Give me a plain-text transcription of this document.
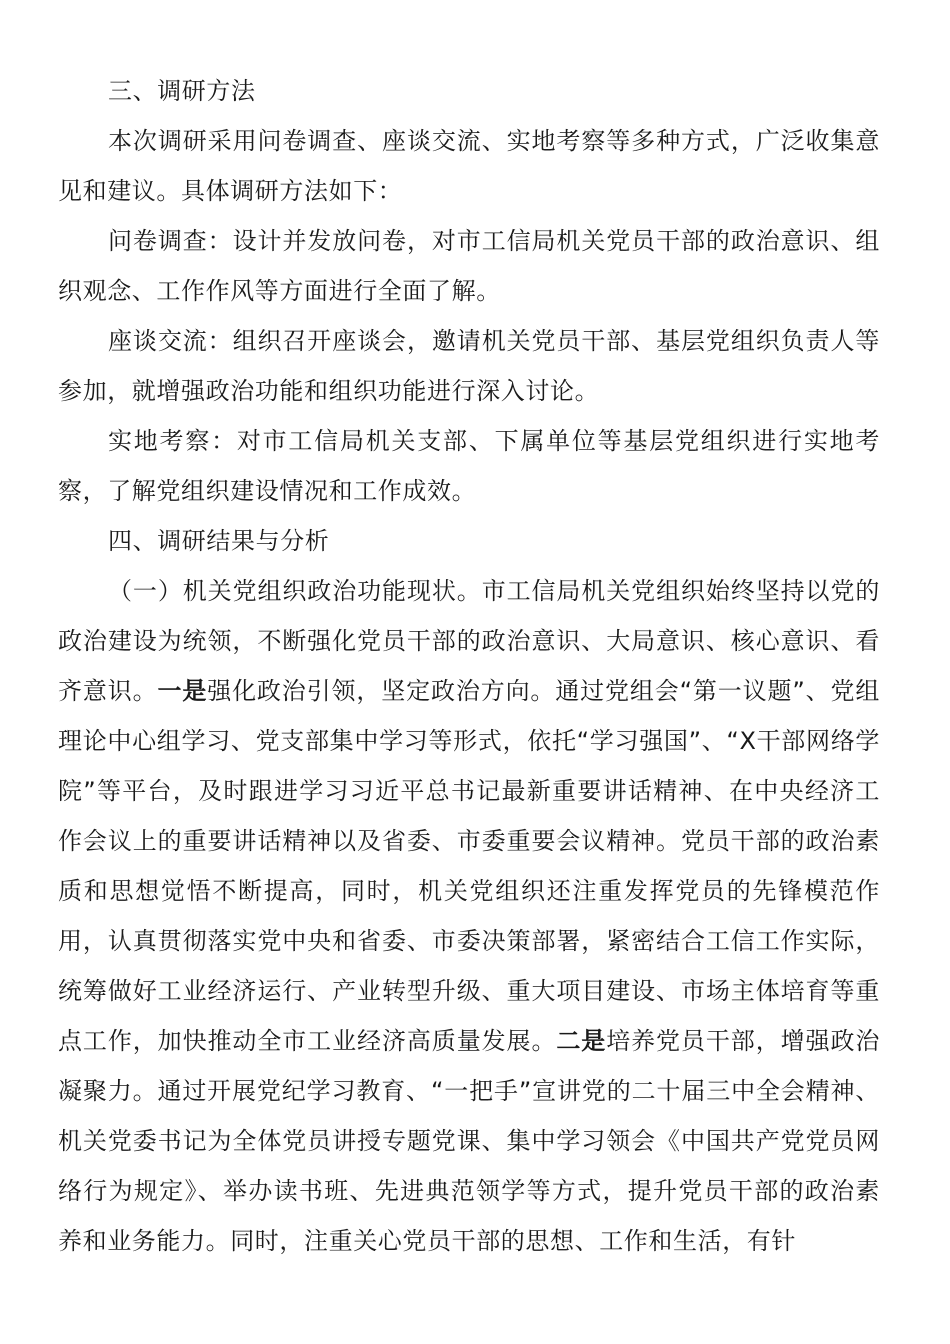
三、调研方法

本次调研采用问卷调查、座谈交流、实地考察等多种方式，广泛收集意见和建议。具体调研方法如下：

问卷调查：设计并发放问卷，对市工信局机关党员干部的政治意识、组织观念、工作作风等方面进行全面了解。

座谈交流：组织召开座谈会，邀请机关党员干部、基层党组织负责人等参加，就增强政治功能和组织功能进行深入讨论。

实地考察：对市工信局机关支部、下属单位等基层党组织进行实地考察，了解党组织建设情况和工作成效。

四、调研结果与分析

（一）机关党组织政治功能现状。市工信局机关党组织始终坚持以党的政治建设为统领，不断强化党员干部的政治意识、大局意识、核心意识、看齐意识。一是强化政治引领，坚定政治方向。通过党组会“第一议题”、党组理论中心组学习、党支部集中学习等形式，依托“学习强国”、“X干部网络学院”等平台，及时跟进学习习近平总书记最新重要讲话精神、在中央经济工作会议上的重要讲话精神以及省委、市委重要会议精神。党员干部的政治素质和思想觉悟不断提高，同时，机关党组织还注重发挥党员的先锋模范作用，认真贯彻落实党中央和省委、市委决策部署，紧密结合工信工作实际，统筹做好工业经济运行、产业转型升级、重大项目建设、市场主体培育等重点工作，加快推动全市工业经济高质量发展。二是培养党员干部，增强政治凝聚力。通过开展党纪学习教育、“一把手”宣讲党的二十届三中全会精神、机关党委书记为全体党员讲授专题党课、集中学习领会《中国共产党党员网络行为规定》、举办读书班、先进典范领学等方式，提升党员干部的政治素养和业务能力。同时，注重关心党员干部的思想、工作和生活，有针
